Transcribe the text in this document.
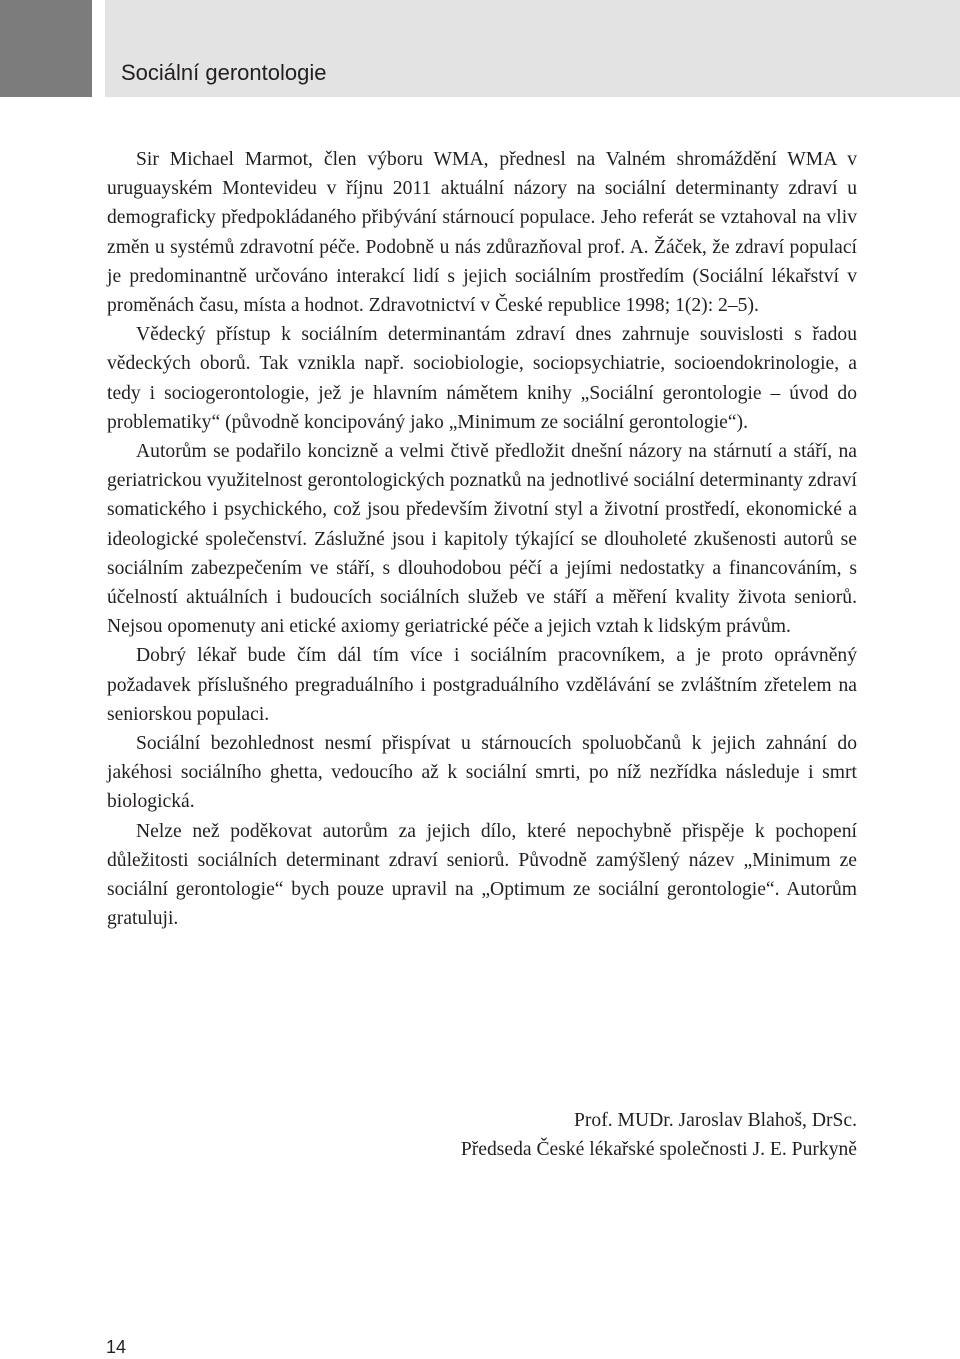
Sociální gerontologie

Sir Michael Marmot, člen výboru WMA, přednesl na Valném shromáždění WMA v uruguayském Montevideu v říjnu 2011 aktuální názory na sociální determinanty zdraví u demograficky předpokládaného přibývání stárnoucí populace. Jeho referát se vztahoval na vliv změn u systémů zdravotní péče. Podobně u nás zdůrazňoval prof. A. Žáček, že zdraví populací je predominantně určováno interakcí lidí s jejich sociálním prostředím (Sociální lékařství v proměnách času, místa a hodnot. Zdravotnictví v České republice 1998; 1(2): 2–5).

Vědecký přístup k sociálním determinantám zdraví dnes zahrnuje souvislosti s řadou vědeckých oborů. Tak vznikla např. sociobiologie, sociopsychiatrie, socioendokrinologie, a tedy i sociogerontologie, jež je hlavním námětem knihy „Sociální gerontologie – úvod do problematiky“ (původně koncipováný jako „Minimum ze sociální gerontologie“).

Autorům se podařilo koncizně a velmi čtivě předložit dnešní názory na stárnutí a stáří, na geriatrickou využitelnost gerontologických poznatků na jednotlivé sociální determinanty zdraví somatického i psychického, což jsou především životní styl a životní prostředí, ekonomické a ideologické společenství. Záslužné jsou i kapitoly týkající se dlouholeté zkušenosti autorů se sociálním zabezpečením ve stáří, s dlouhodobou péčí a jejími nedostatky a financováním, s účelností aktuálních i budoucích sociálních služeb ve stáří a měření kvality života seniorů. Nejsou opomenuty ani etické axiomy geriatrické péče a jejich vztah k lidským právům.

Dobrý lékař bude čím dál tím více i sociálním pracovníkem, a je proto oprávněný požadavek příslušného pregraduálního i postgraduálního vzdělávání se zvláštním zřetelem na seniorskou populaci.

Sociální bezohlednost nesmí přispívat u stárnoucích spoluobčanů k jejich zahnání do jakéhosi sociálního ghetta, vedoucího až k sociální smrti, po níž nezřídka následuje i smrt biologická.

Nelze než poděkovat autorům za jejich dílo, které nepochybně přispěje k pochopení důležitosti sociálních determinant zdraví seniorů. Původně zamýšlený název „Minimum ze sociální gerontologie“ bych pouze upravil na „Optimum ze sociální gerontologie“. Autorům gratuluji.

Prof. MUDr. Jaroslav Blahoš, DrSc.
Předseda České lékařské společnosti J. E. Purkyně
14
